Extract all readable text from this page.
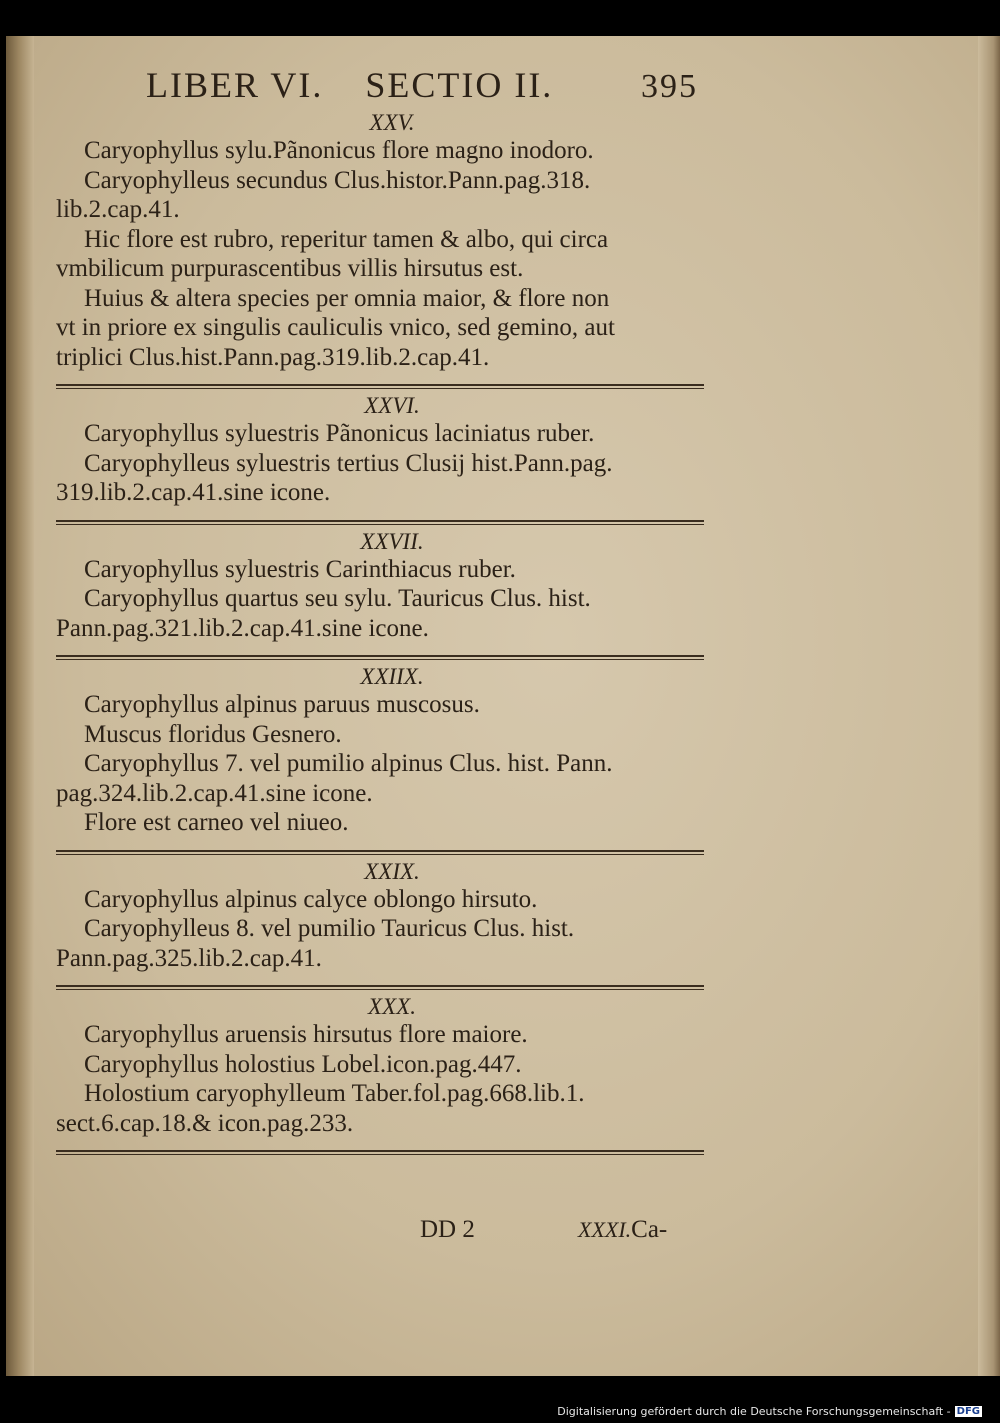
LIBER VI. SECTIO II.	395
XXV.
Caryophyllus sylu.Pãnonicus flore magno inodoro.
Caryophylleus secundus Clus.histor.Pann.pag.318.
lib.2.cap.41.
Hic flore est rubro, reperitur tamen & albo, qui circa
vmbilicum purpurascentibus villis hirsutus est.
Huius & altera species per omnia maior, & flore non
vt in priore ex singulis cauliculis vnico, sed gemino, aut
triplici Clus.hist.Pann.pag.319.lib.2.cap.41.
XXVI.
Caryophyllus syluestris Pãnonicus laciniatus ruber.
Caryophylleus syluestris tertius Clusij hist.Pann.pag.
319.lib.2.cap.41.sine icone.
XXVII.
Caryophyllus syluestris Carinthiacus ruber.
Caryophyllus quartus seu sylu. Tauricus Clus. hist.
Pann.pag.321.lib.2.cap.41.sine icone.
XXIIX.
Caryophyllus alpinus paruus muscosus.
Muscus floridus Gesnero.
Caryophyllus 7. vel pumilio alpinus Clus. hist. Pann.
pag.324.lib.2.cap.41.sine icone.
Flore est carneo vel niueo.
XXIX.
Caryophyllus alpinus calyce oblongo hirsuto.
Caryophylleus 8. vel pumilio Tauricus Clus. hist.
Pann.pag.325.lib.2.cap.41.
XXX.
Caryophyllus aruensis hirsutus flore maiore.
Caryophyllus holostius Lobel.icon.pag.447.
Holostium caryophylleum Taber.fol.pag.668.lib.1.
sect.6.cap.18.& icon.pag.233.
DD 2	XXXI.Ca-
Digitalisierung gefördert durch die Deutsche Forschungsgemeinschaft - DFG
